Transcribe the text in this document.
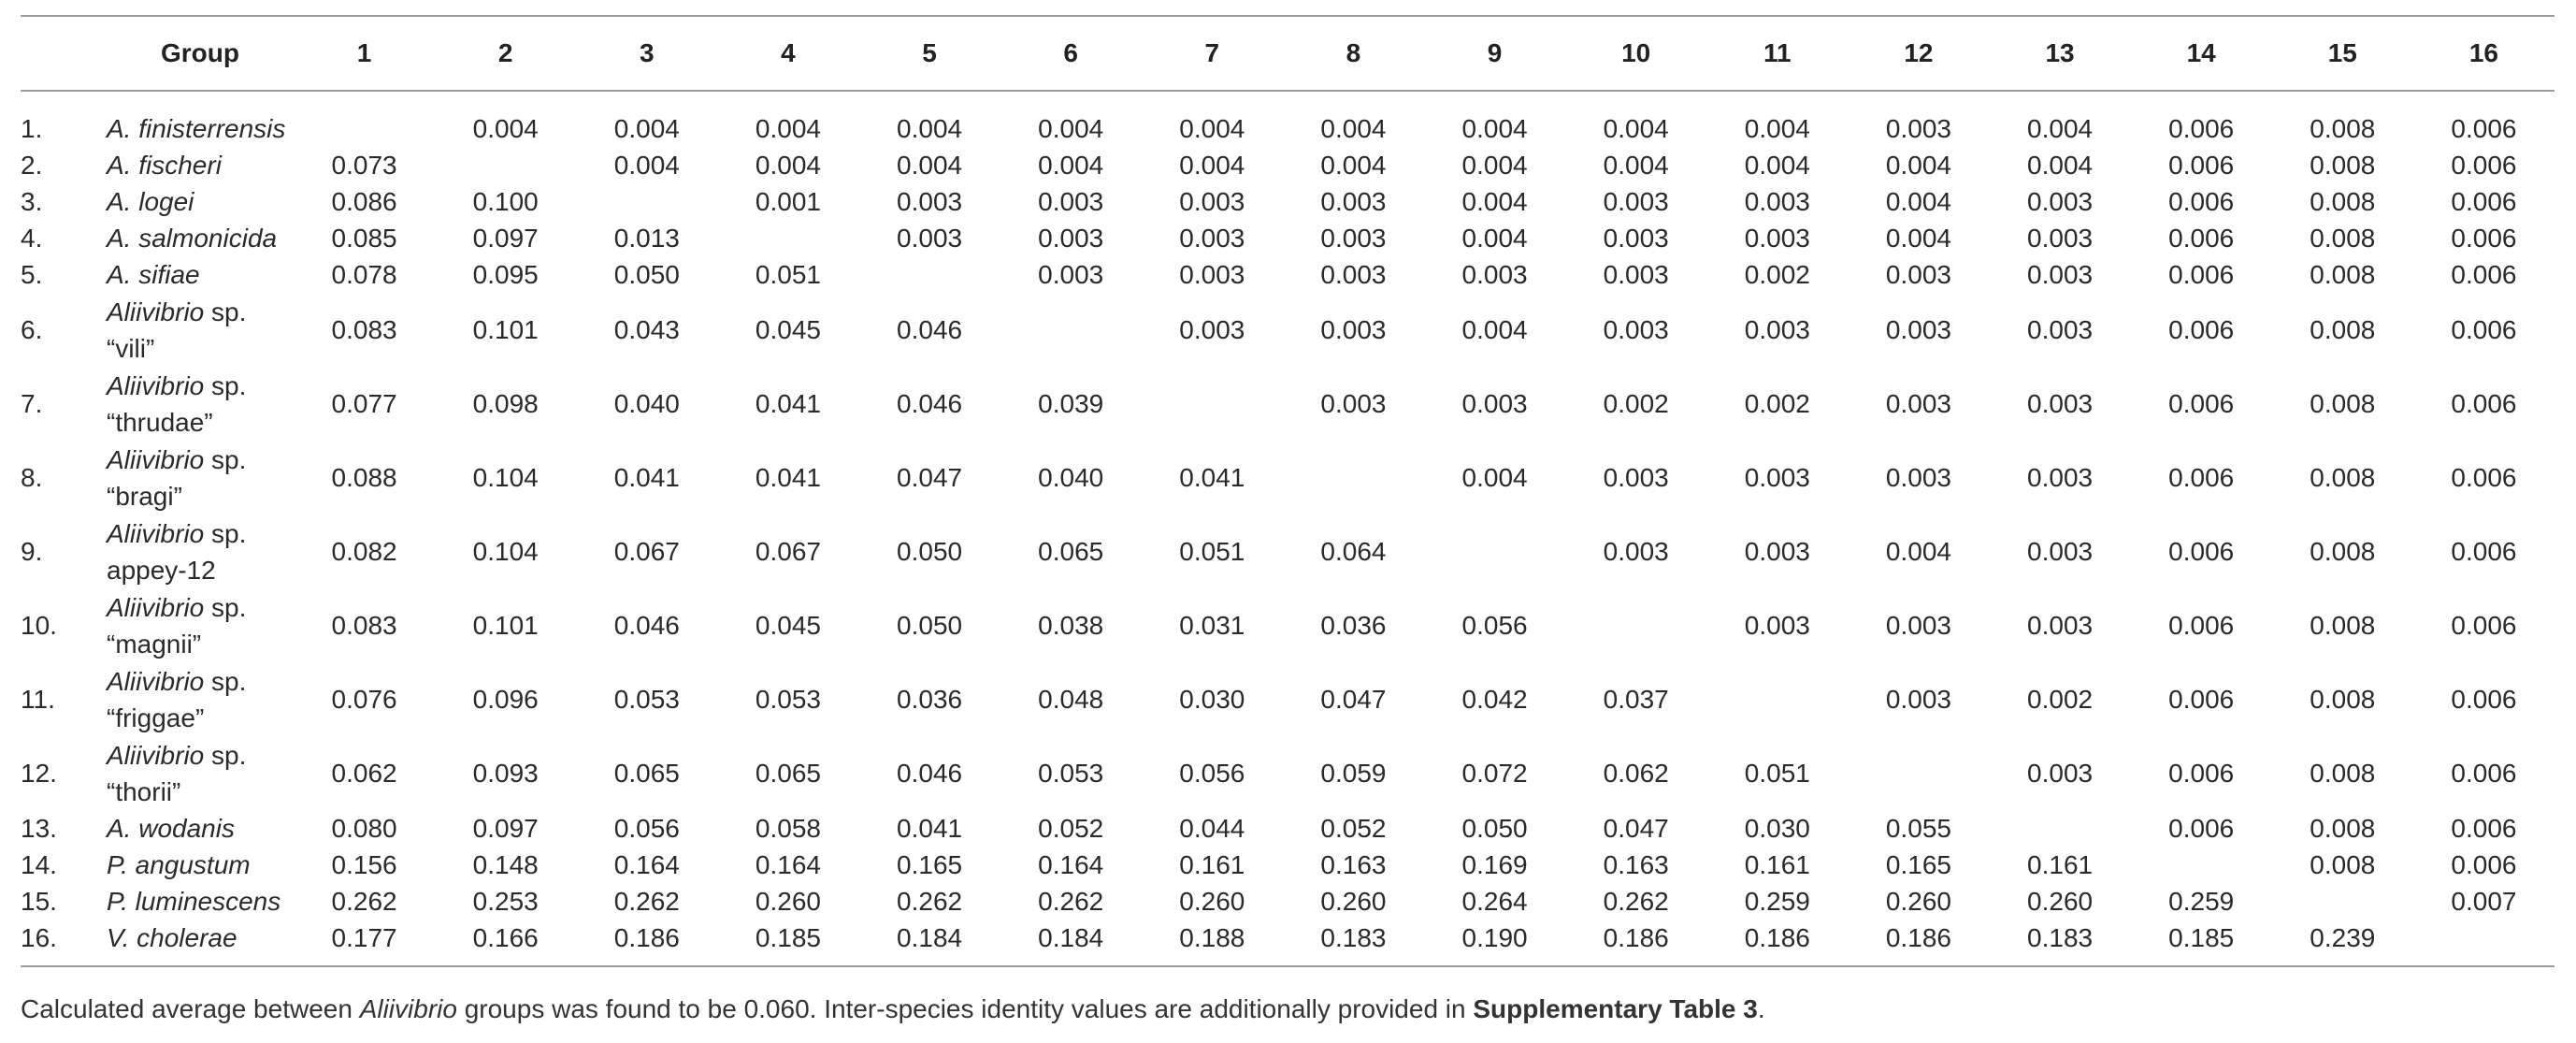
	Group	1	2	3	4	5	6	7	8	9	10	11	12	13	14	15	16
1.	A. finisterrensis		0.004	0.004	0.004	0.004	0.004	0.004	0.004	0.004	0.004	0.004	0.003	0.004	0.006	0.008	0.006
2.	A. fischeri	0.073		0.004	0.004	0.004	0.004	0.004	0.004	0.004	0.004	0.004	0.004	0.004	0.006	0.008	0.006
3.	A. logei	0.086	0.100		0.001	0.003	0.003	0.003	0.003	0.004	0.003	0.003	0.004	0.003	0.006	0.008	0.006
4.	A. salmonicida	0.085	0.097	0.013		0.003	0.003	0.003	0.003	0.004	0.003	0.003	0.004	0.003	0.006	0.008	0.006
5.	A. sifiae	0.078	0.095	0.050	0.051		0.003	0.003	0.003	0.003	0.003	0.002	0.003	0.003	0.006	0.008	0.006
6.	Aliivibrio sp.
“vili”	0.083	0.101	0.043	0.045	0.046		0.003	0.003	0.004	0.003	0.003	0.003	0.003	0.006	0.008	0.006
7.	Aliivibrio sp.
“thrudae”	0.077	0.098	0.040	0.041	0.046	0.039		0.003	0.003	0.002	0.002	0.003	0.003	0.006	0.008	0.006
8.	Aliivibrio sp.
“bragi”	0.088	0.104	0.041	0.041	0.047	0.040	0.041		0.004	0.003	0.003	0.003	0.003	0.006	0.008	0.006
9.	Aliivibrio sp.
appey-12	0.082	0.104	0.067	0.067	0.050	0.065	0.051	0.064		0.003	0.003	0.004	0.003	0.006	0.008	0.006
10.	Aliivibrio sp.
“magnii”	0.083	0.101	0.046	0.045	0.050	0.038	0.031	0.036	0.056		0.003	0.003	0.003	0.006	0.008	0.006
11.	Aliivibrio sp.
“friggae”	0.076	0.096	0.053	0.053	0.036	0.048	0.030	0.047	0.042	0.037		0.003	0.002	0.006	0.008	0.006
12.	Aliivibrio sp.
“thorii”	0.062	0.093	0.065	0.065	0.046	0.053	0.056	0.059	0.072	0.062	0.051		0.003	0.006	0.008	0.006
13.	A. wodanis	0.080	0.097	0.056	0.058	0.041	0.052	0.044	0.052	0.050	0.047	0.030	0.055		0.006	0.008	0.006
14.	P. angustum	0.156	0.148	0.164	0.164	0.165	0.164	0.161	0.163	0.169	0.163	0.161	0.165	0.161		0.008	0.006
15.	P. luminescens	0.262	0.253	0.262	0.260	0.262	0.262	0.260	0.260	0.264	0.262	0.259	0.260	0.260	0.259		0.007
16.	V. cholerae	0.177	0.166	0.186	0.185	0.184	0.184	0.188	0.183	0.190	0.186	0.186	0.186	0.183	0.185	0.239	
Calculated average between Aliivibrio groups was found to be 0.060. Inter-species identity values are additionally provided in Supplementary Table 3.
